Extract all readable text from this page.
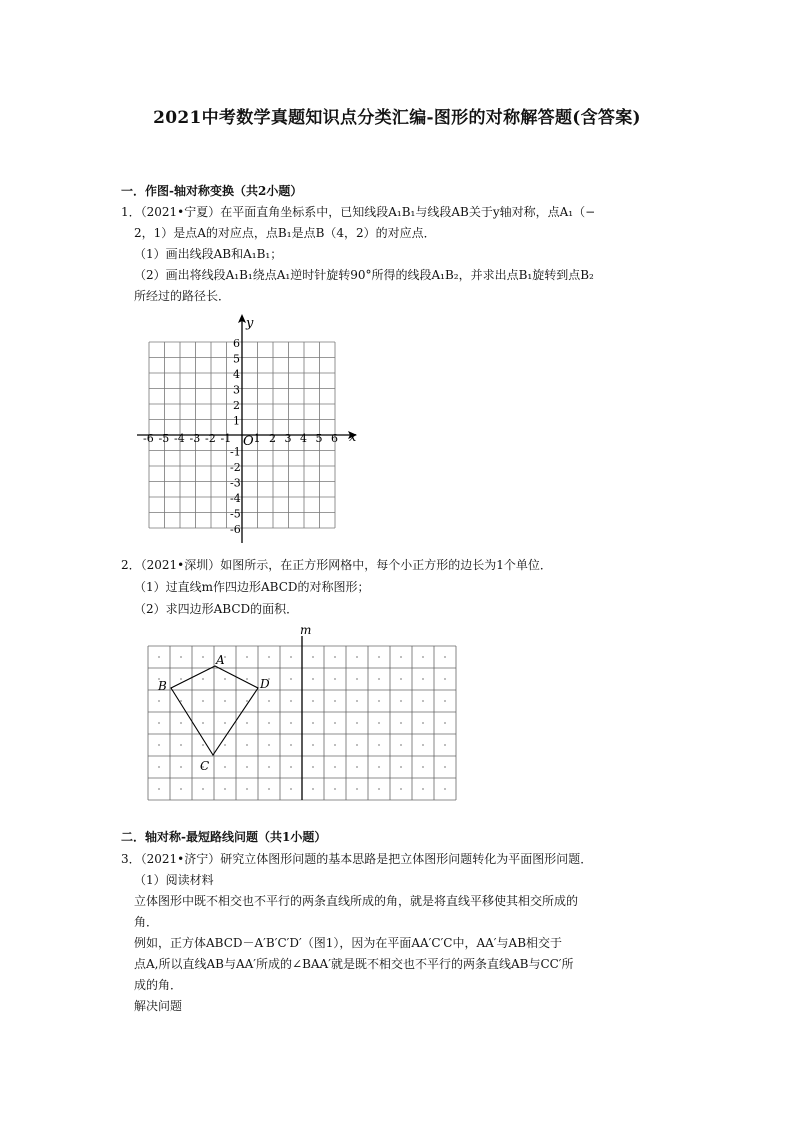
2021中考数学真题知识点分类汇编-图形的对称解答题(含答案)
一．作图-轴对称变换（共2小题）
1．（2021•宁夏）在平面直角坐标系中，已知线段A₁B₁与线段AB关于y轴对称，点A₁（−
2，1）是点A的对应点，点B₁是点B（4，2）的对应点．
（1）画出线段AB和A₁B₁；
（2）画出将线段A₁B₁绕点A₁逆时针旋转90°所得的线段A₁B₂，并求出点B₁旋转到点B₂
所经过的路径长．
y
x
O
-6 -5 -4 -3 -2 -1 1 2 3 4 5 6
6
5
4
3
2
1
-1
-2
-3
-4
-5
-6
2．（2021•深圳）如图所示，在正方形网格中，每个小正方形的边长为1个单位．
（1）过直线m作四边形ABCD的对称图形；
（2）求四边形ABCD的面积．
m
A
B
C
D
二．轴对称-最短路线问题（共1小题）
3．（2021•济宁）研究立体图形问题的基本思路是把立体图形问题转化为平面图形问题．
（1）阅读材料
立体图形中既不相交也不平行的两条直线所成的角，就是将直线平移使其相交所成的
角．
例如，正方体ABCD－A′B′C′D′（图1），因为在平面AA′C′C中，AA′与AB相交于
点A,所以直线AB与AA′所成的∠BAA′就是既不相交也不平行的两条直线AB与CC′所
成的角．
解决问题
